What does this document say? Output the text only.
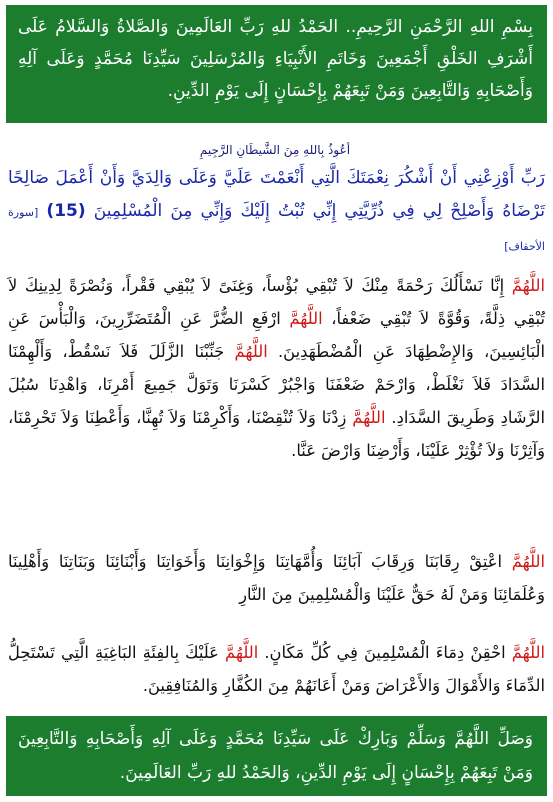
بِسْمِ اللهِ الرَّحْمَنِ الرَّحِيمِ.. الحَمْدُ للهِ رَبِّ العَالَمِينَ وَالصَّلاةُ وَالسَّلامُ عَلَى أَشْرَفِ الخَلْقِ أَجْمَعِينَ وَخَاتَمِ الأَنْبِيَاءِ وَالمُرْسَلِينَ سَيِّدِنَا مُحَمَّدٍ وَعَلَى آلِهِ وَأَصْحَابِهِ وَالتَّابِعِينَ وَمَنْ تَبِعَهُمْ بِإِحْسَانٍ إِلَى يَوْمِ الدِّينِ.
أعُوذُ بِاللهِ مِنَ الشَّيطَانِ الرَّجِيمِ
رَبِّ أَوْزِعْنِي أَنْ أَشْكُرَ نِعْمَتَكَ الَّتِي أَنْعَمْتَ عَلَيَّ وَعَلَى وَالِدَيَّ وَأَنْ أَعْمَلَ صَالِحًا تَرْضَاهُ وَأَصْلِحْ لِي فِي ذُرِّيَّتِي إِنِّي تُبْتُ إِلَيْكَ وَإِنِّي مِنَ الْمُسْلِمِينَ (15) [سورة الأحقاف]
اللَّهُمَّ إِنَّا نَسْأَلُكَ رَحْمَةً مِنْكَ لاَ تُبْقِي بُؤْساً، وَغِنَىً لاَ يُبْقِي فَقْراً، وَنُصْرَةً لِدِينِكَ لاَ تُبْقِي ذِلَّةً، وَقُوَّةً لاَ تُبْقِي ضَعْفاً، اللَّهُمَّ ارْفَعِ الضُّرَّ عَنِ الْمُتَضَرِّرِينَ، وَالْبَأْسَ عَنِ الْبَائِسِينَ، وَالإِضْطِهَادَ عَنِ الْمُضْطَهَدِينَ. اللَّهُمَّ جَنِّبْنَا الزَّلَلَ فَلاَ نَسْقُطْ، وَأَلْهِمْنَا السَّدَادَ فَلاَ نَغْلَطْ، وَارْحَمْ ضَعْفَنَا وَاجْبُرْ كَسْرَنَا وَتَوَلَّ جَمِيعَ أَمْرِنَا، وَاهْدِنَا سُبُلَ الرَّشَادِ وَطَرِيقَ السَّدَادِ. اللَّهُمَّ زِدْنَا وَلاَ تُنْقِصْنَا، وَأَكْرِمْنَا وَلاَ تُهِنَّا، وَأَعْطِنَا وَلاَ تَحْرِمْنَا، وَآثِرْنَا وَلاَ تُؤْثِرْ عَلَيْنَا، وَأَرْضِنَا وَارْضَ عَنَّا.
اللَّهُمَّ اعْتِقْ رِقَابَنَا وَرِقَابَ آبَائِنَا وَأُمَّهَاتِنَا وَإِخْوَانِنَا وَأَخَوَاتِنَا وَأَبْنَائِنَا وَبَنَاتِنَا وَأَهْلِينَا وَعُلَمَائِنَا وَمَنْ لَهُ حَقٌّ عَلَيْنَا وَالْمُسْلِمِينَ مِنَ النَّارِ
اللَّهُمَّ احْقِنْ دِمَاءَ الْمُسْلِمِينَ فِي كُلِّ مَكَانٍ. اللَّهُمَّ عَلَيْكَ بِالفِئَةِ البَاغِيَةِ الَّتِي تَسْتَحِلُّ الدِّمَاءَ وَالأَمْوَالَ وَالأَعْرَاضَ وَمَنْ أَعَانَهُمْ مِنَ الكُفَّارِ وَالمُنَافِقِينَ.
وَصَلِّ اللَّهُمَّ وَسَلِّمْ وَبَارِكْ عَلَى سَيِّدِنَا مُحَمَّدٍ وَعَلَى آلِهِ وَأَصْحَابِهِ وَالتَّابِعِينَ وَمَنْ تَبِعَهُمْ بِإِحْسَانٍ إِلَى يَوْمِ الدِّينِ، وَالحَمْدُ للهِ رَبِّ العَالَمِينَ.
